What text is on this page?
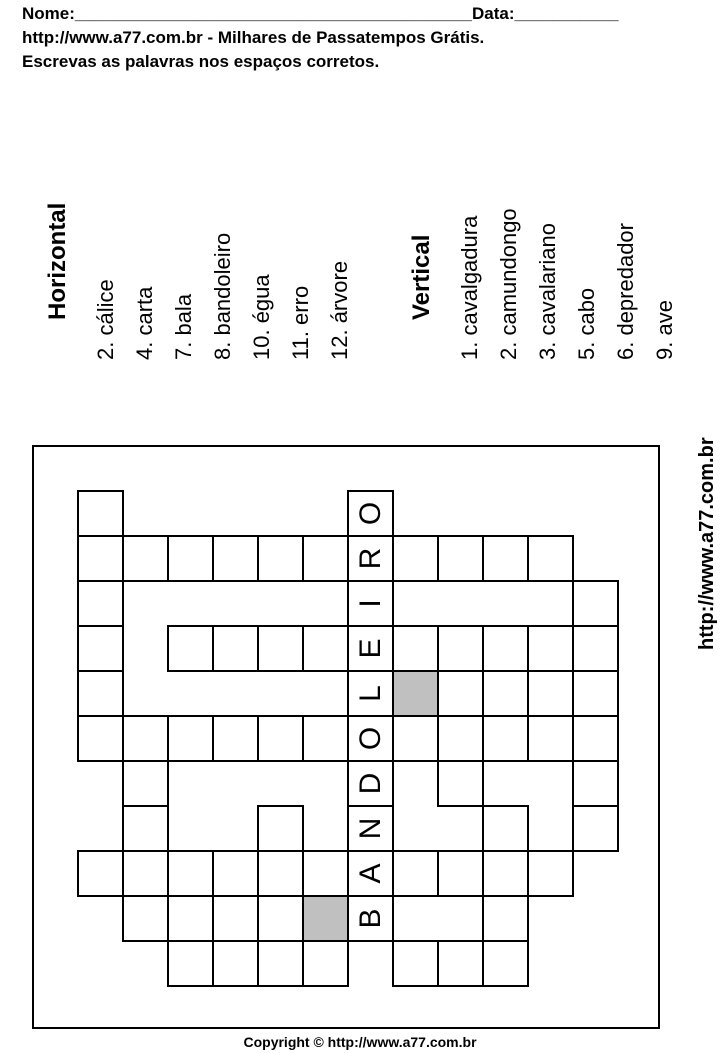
Nome:__________________________________________Data:___________
http://www.a77.com.br - Milhares de Passatempos Grátis.
Escrevas as palavras nos espaços corretos.
Horizontal	2. cálice 4. carta 7. bala 8. bandoleiro 10. égua 11. erro 12. árvore	Vertical	1. cavalgadura 2. camundongo 3. cavalariano 5. cabo 6. depredador 9. ave
http://www.a77.com.br
O
R
I
E
L
O
D
N
A
B
Copyright © http://www.a77.com.br
